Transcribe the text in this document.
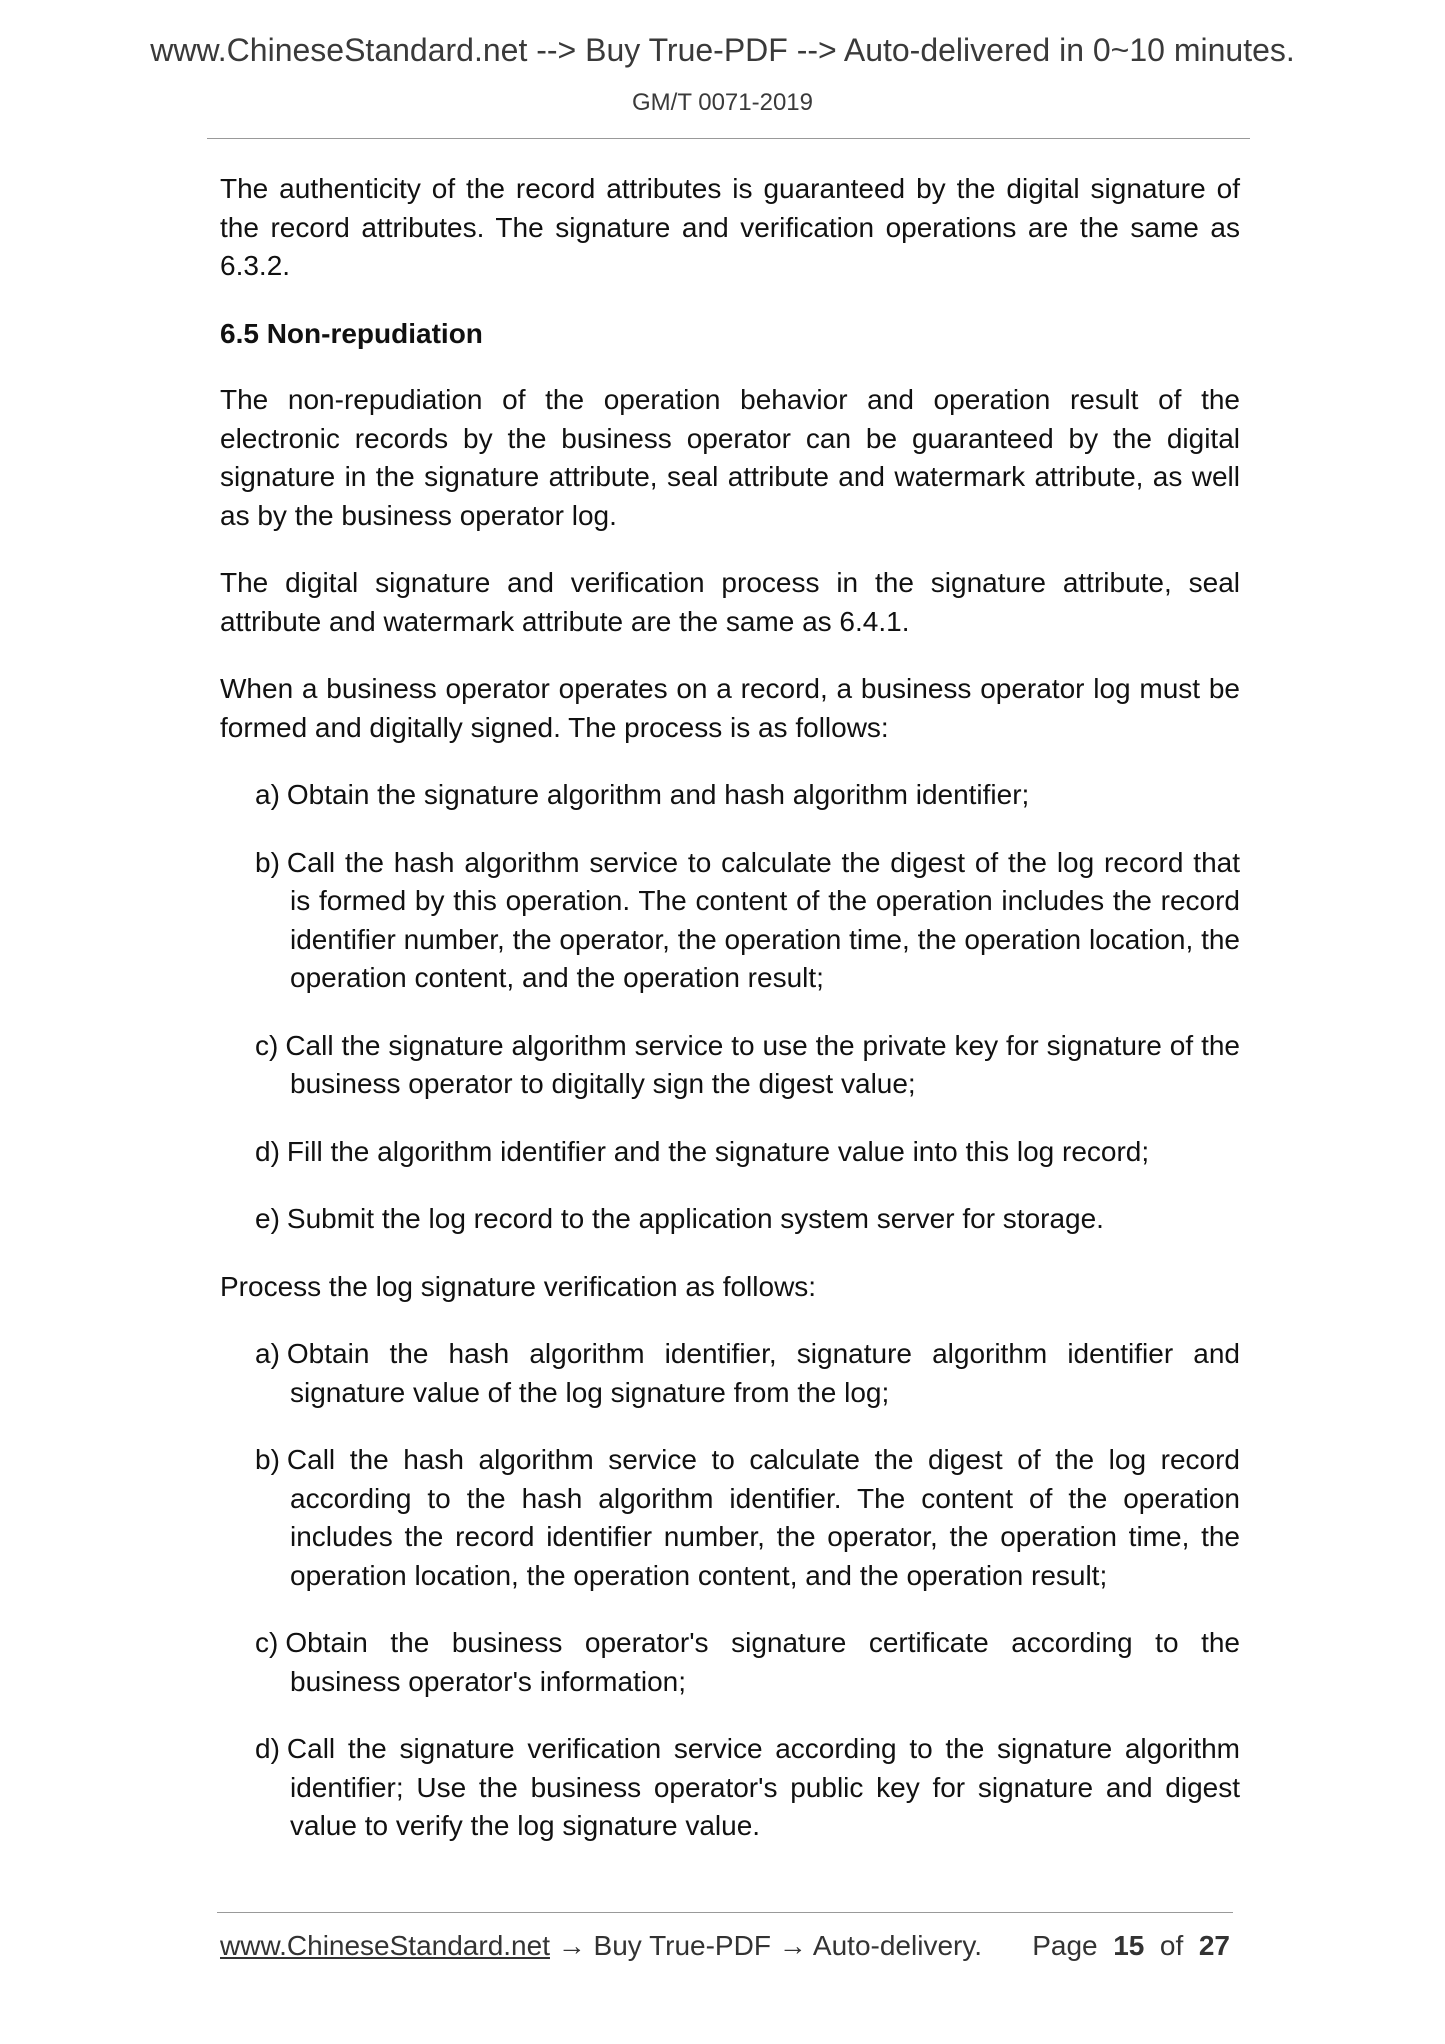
www.ChineseStandard.net --> Buy True-PDF --> Auto-delivered in 0~10 minutes.
GM/T 0071-2019

The authenticity of the record attributes is guaranteed by the digital signature of the record attributes. The signature and verification operations are the same as 6.3.2.

6.5 Non-repudiation

The non-repudiation of the operation behavior and operation result of the electronic records by the business operator can be guaranteed by the digital signature in the signature attribute, seal attribute and watermark attribute, as well as by the business operator log.

The digital signature and verification process in the signature attribute, seal attribute and watermark attribute are the same as 6.4.1.

When a business operator operates on a record, a business operator log must be formed and digitally signed. The process is as follows:

a) Obtain the signature algorithm and hash algorithm identifier;
b) Call the hash algorithm service to calculate the digest of the log record that is formed by this operation. The content of the operation includes the record identifier number, the operator, the operation time, the operation location, the operation content, and the operation result;
c) Call the signature algorithm service to use the private key for signature of the business operator to digitally sign the digest value;
d) Fill the algorithm identifier and the signature value into this log record;
e) Submit the log record to the application system server for storage.

Process the log signature verification as follows:

a) Obtain the hash algorithm identifier, signature algorithm identifier and signature value of the log signature from the log;
b) Call the hash algorithm service to calculate the digest of the log record according to the hash algorithm identifier. The content of the operation includes the record identifier number, the operator, the operation time, the operation location, the operation content, and the operation result;
c) Obtain the business operator's signature certificate according to the business operator's information;
d) Call the signature verification service according to the signature algorithm identifier; Use the business operator's public key for signature and digest value to verify the log signature value.
www.ChineseStandard.net → Buy True-PDF → Auto-delivery. Page 15 of 27
